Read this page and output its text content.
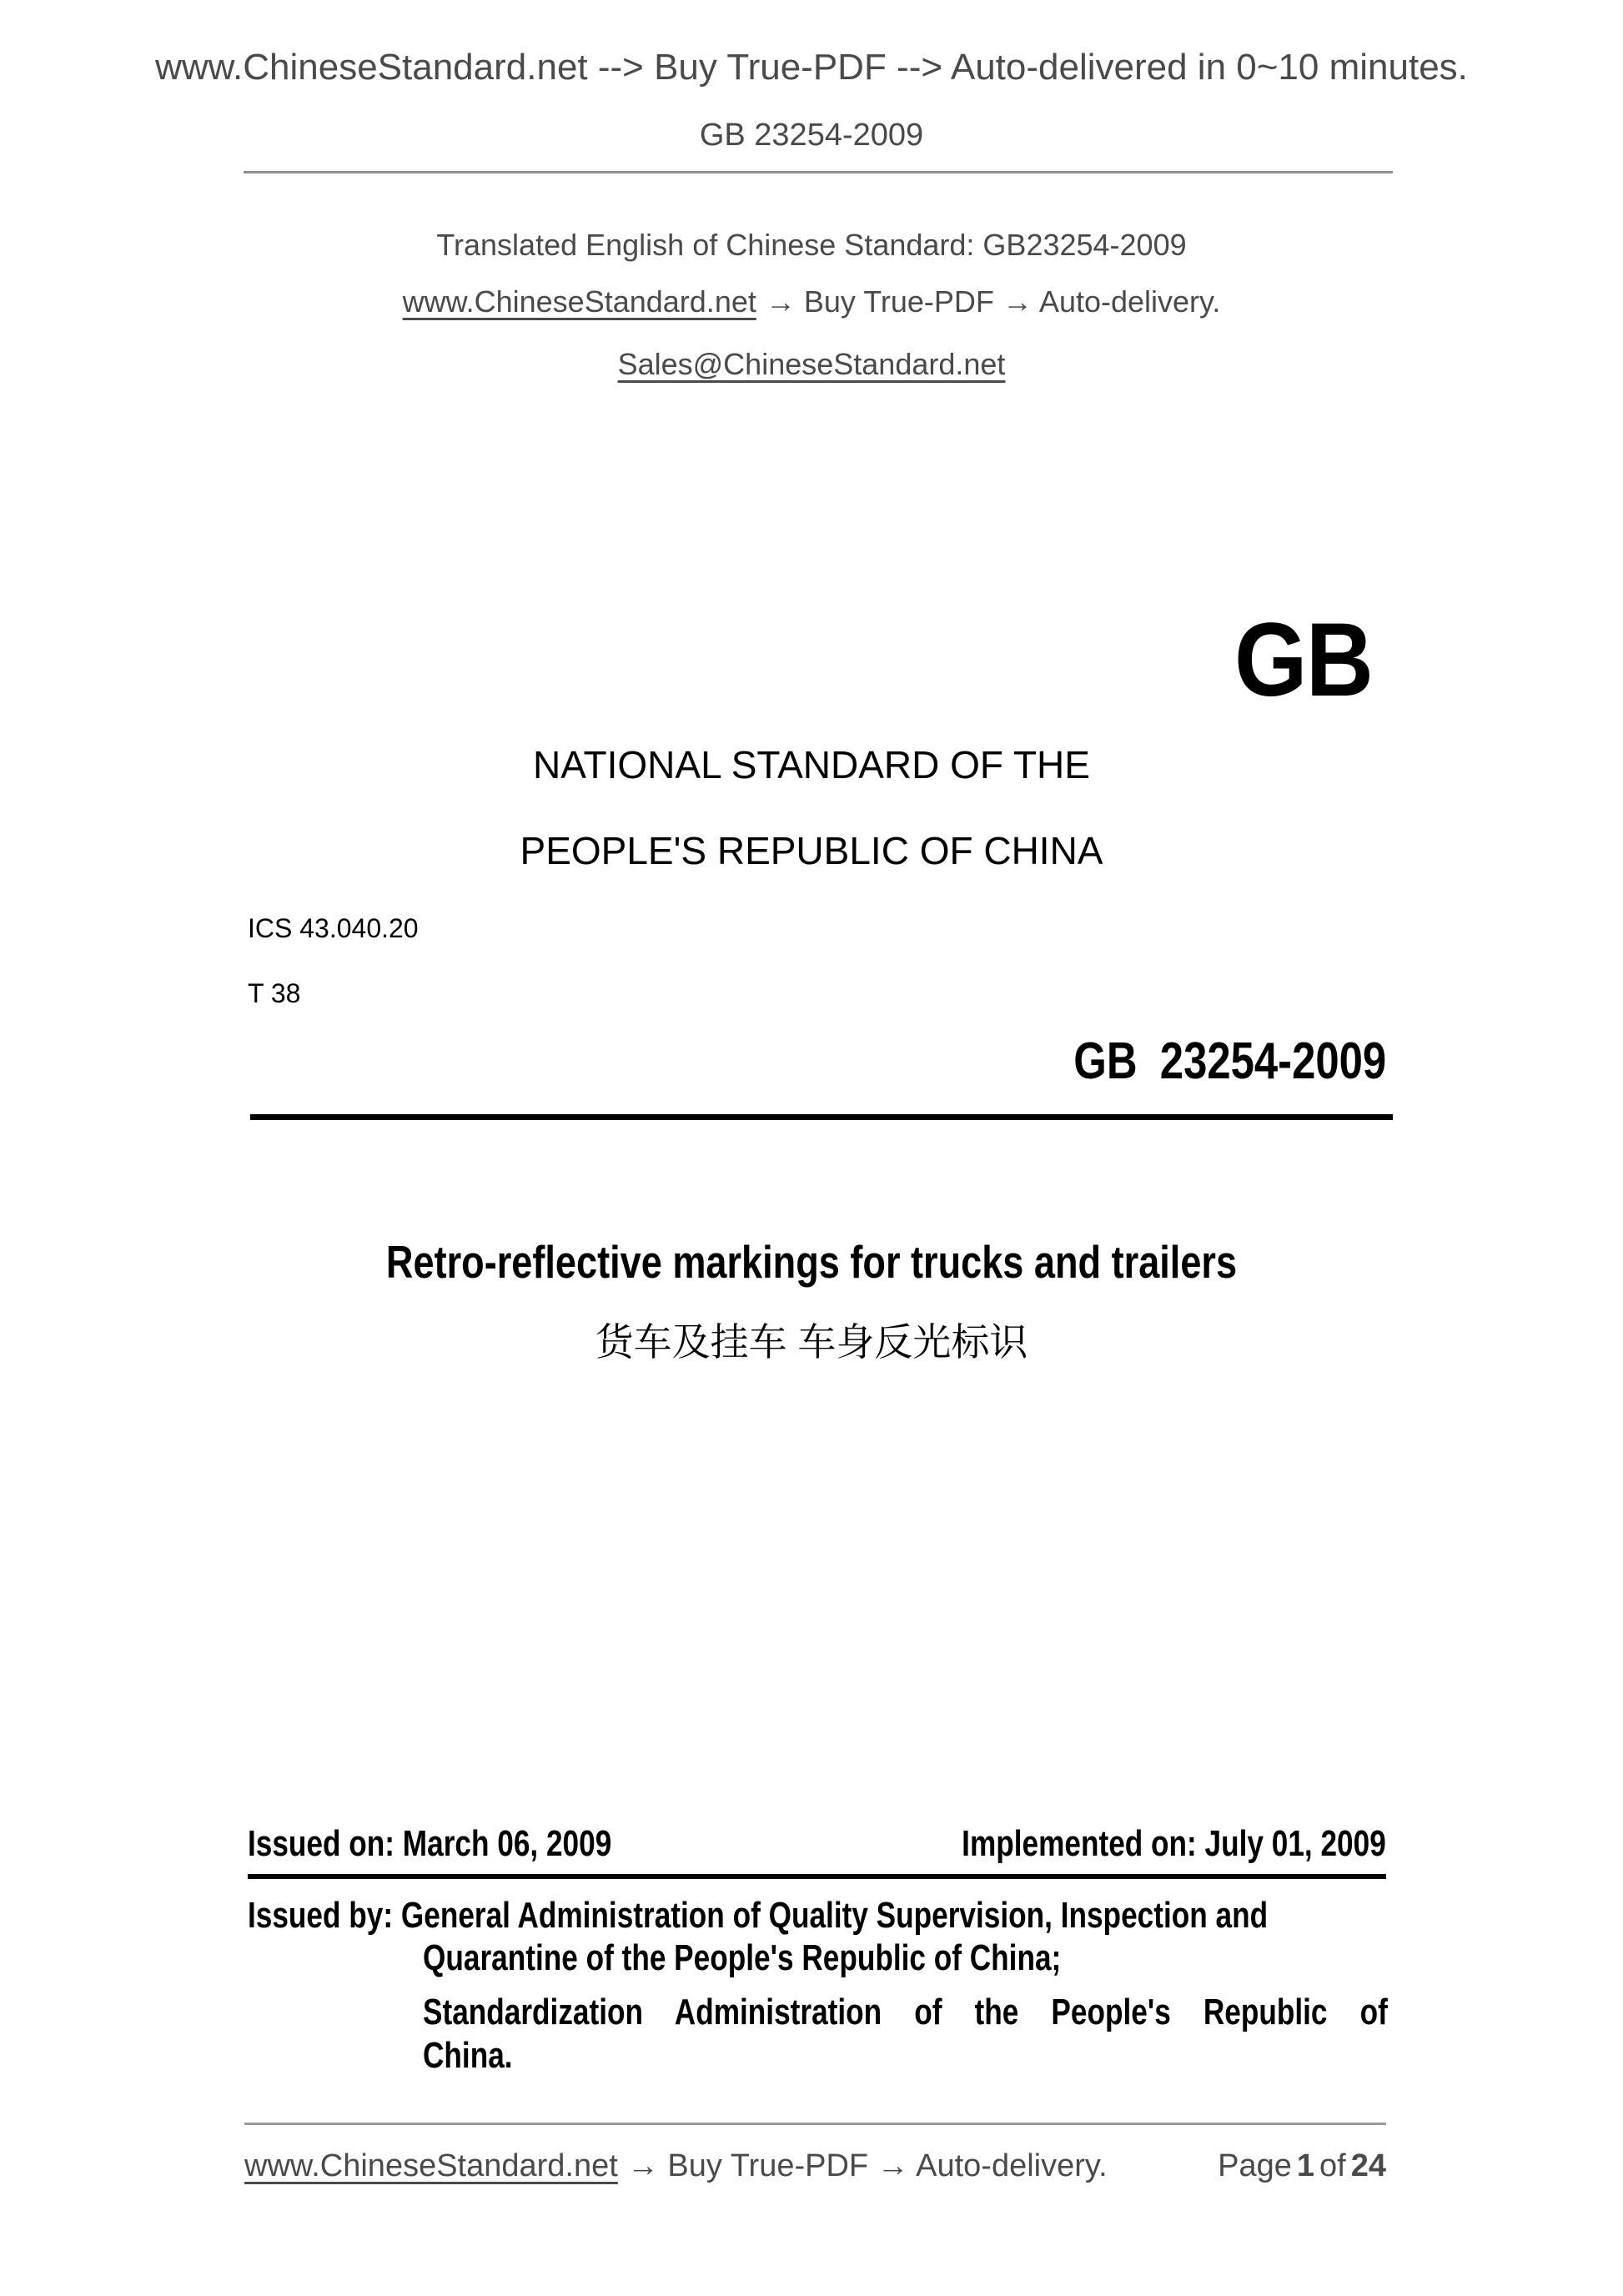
www.ChineseStandard.net --> Buy True-PDF --> Auto-delivered in 0~10 minutes.
GB 23254-2009
Translated English of Chinese Standard: GB23254-2009
www.ChineseStandard.net → Buy True-PDF → Auto-delivery.
Sales@ChineseStandard.net
GB
NATIONAL STANDARD OF THE
PEOPLE'S REPUBLIC OF CHINA
ICS 43.040.20
T 38
GB 23254-2009
Retro-reflective markings for trucks and trailers
货车及挂车 车身反光标识
Issued on: March 06, 2009	Implemented on: July 01, 2009
Issued by: General Administration of Quality Supervision, Inspection and
Quarantine of the People's Republic of China;
Standardization Administration of the People's Republic of
China.
www.ChineseStandard.net → Buy True-PDF → Auto-delivery.	Page 1 of 24
